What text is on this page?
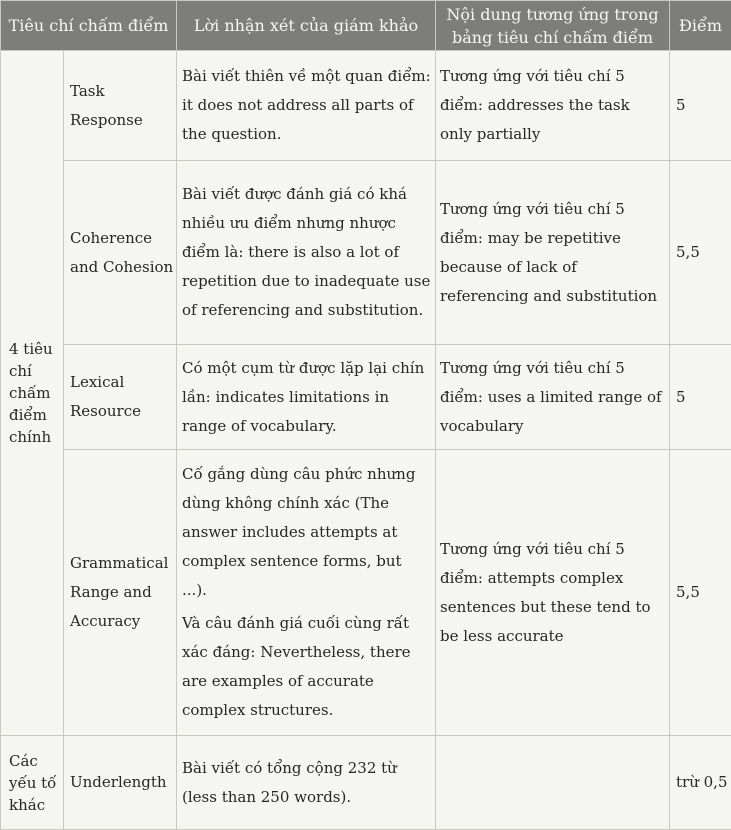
Tiêu chí chấm điểm		Lời nhận xét của giám khảo	Nội dung tương ứng trong bảng tiêu chí chấm điểm	Điểm

4 tiêu chí chấm điểm chính	Task Response	Bài viết thiên về một quan điểm: it does not address all parts of the question.	Tương ứng với tiêu chí 5 điểm: addresses the task only partially	5

	Coherence and Cohesion	Bài viết được đánh giá có khá nhiều ưu điểm nhưng nhược điểm là: there is also a lot of repetition due to inadequate use of referencing and substitution.	Tương ứng với tiêu chí 5 điểm: may be repetitive because of lack of referencing and substitution	5,5

	Lexical Resource	Có một cụm từ được lặp lại chín lần: indicates limitations in range of vocabulary.	Tương ứng với tiêu chí 5 điểm: uses a limited range of vocabulary	5

	Grammatical Range and Accuracy	Cố gắng dùng câu phức nhưng dùng không chính xác (The answer includes attempts at complex sentence forms, but ...).
Và câu đánh giá cuối cùng rất xác đáng: Nevertheless, there are examples of accurate complex structures.	Tương ứng với tiêu chí 5 điểm: attempts complex sentences but these tend to be less accurate	5,5

Các yếu tố khác	Underlength	Bài viết có tổng cộng 232 từ (less than 250 words).		trừ 0,5
